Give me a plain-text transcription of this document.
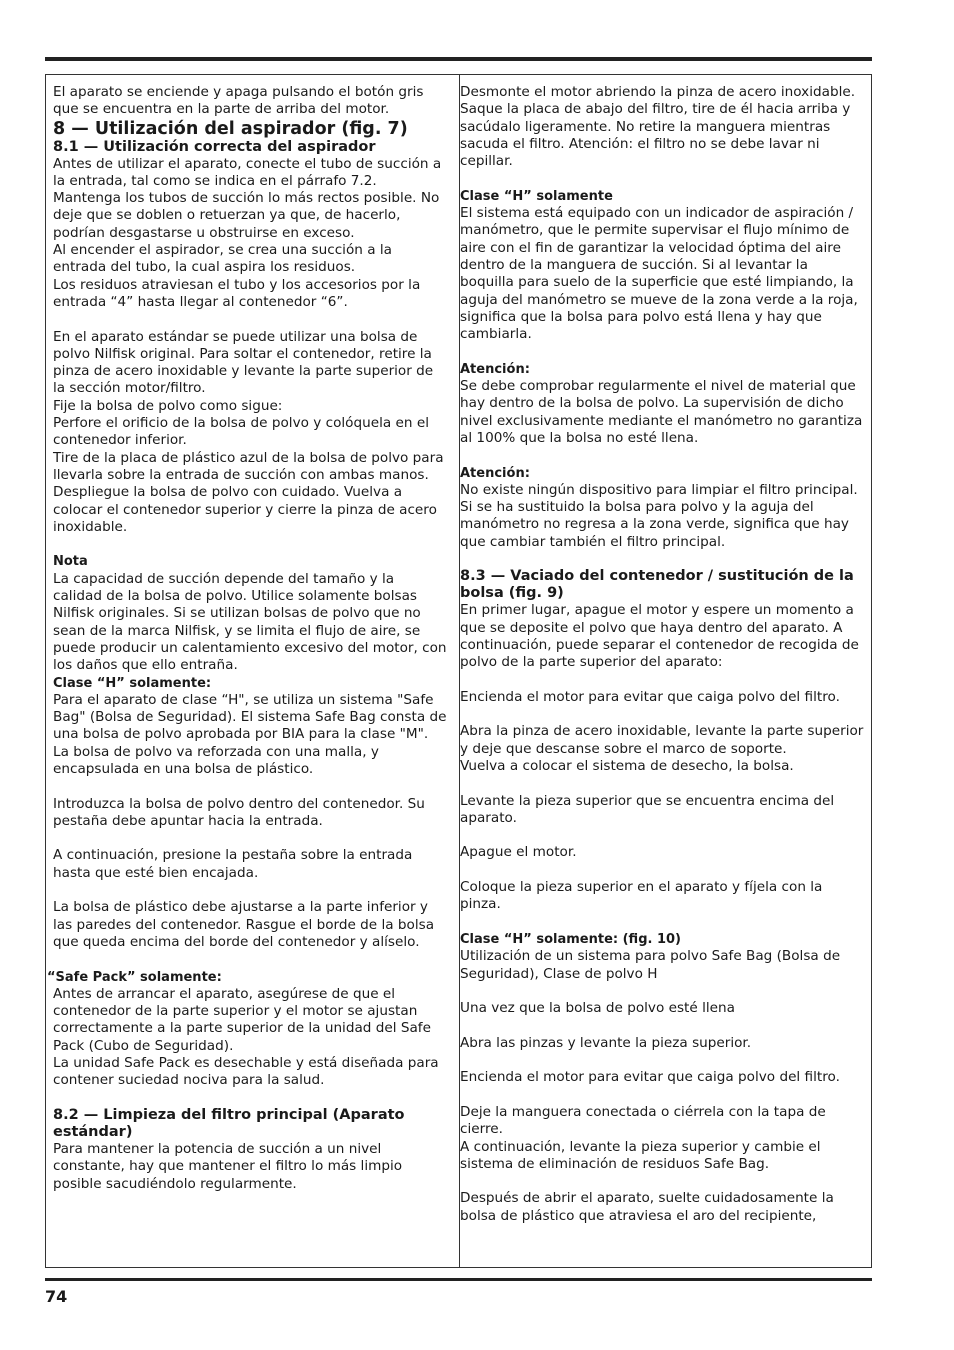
El aparato se enciende y apaga pulsando el botón gris que se encuentra en la parte de arriba del motor.

8 — Utilización del aspirador (fig. 7)

8.1 — Utilización correcta del aspirador

Antes de utilizar el aparato, conecte el tubo de succión a la entrada, tal como se indica en el párrafo 7.2.

Mantenga los tubos de succión lo más rectos posible. No deje que se doblen o retuerzan ya que, de hacerlo, podrían desgastarse u obstruirse en exceso.

Al encender el aspirador, se crea una succión a la entrada del tubo, la cual aspira los residuos.

Los residuos atraviesan el tubo y los accesorios por la entrada “4” hasta llegar al contenedor “6”.

En el aparato estándar se puede utilizar una bolsa de polvo Nilfisk original. Para soltar el contenedor, retire la pinza de acero inoxidable y levante la parte superior de la sección motor/filtro.

Fije la bolsa de polvo como sigue:

Perfore el orificio de la bolsa de polvo y colóquela en el contenedor inferior.

Tire de la placa de plástico azul de la bolsa de polvo para llevarla sobre la entrada de succión con ambas manos.

Despliegue la bolsa de polvo con cuidado. Vuelva a colocar el contenedor superior y cierre la pinza de acero inoxidable.

Nota

La capacidad de succión depende del tamaño y la calidad de la bolsa de polvo. Utilice solamente bolsas Nilfisk originales. Si se utilizan bolsas de polvo que no sean de la marca Nilfisk, y se limita el flujo de aire, se puede producir un calentamiento excesivo del motor, con los daños que ello entraña.

Clase “H” solamente:

Para el aparato de clase “H", se utiliza un sistema "Safe Bag" (Bolsa de Seguridad). El sistema Safe Bag consta de una bolsa de polvo aprobada por BIA para la clase "M". La bolsa de polvo va reforzada con una malla, y encapsulada en una bolsa de plástico.

Introduzca la bolsa de polvo dentro del contenedor. Su pestaña debe apuntar hacia la entrada.

A continuación, presione la pestaña sobre la entrada hasta que esté bien encajada.

La bolsa de plástico debe ajustarse a la parte inferior y las paredes del contenedor. Rasgue el borde de la bolsa que queda encima del borde del contenedor y alíselo.

“Safe Pack” solamente:

Antes de arrancar el aparato, asegúrese de que el contenedor de la parte superior y el motor se ajustan correctamente a la parte superior de la unidad del Safe Pack (Cubo de Seguridad).

La unidad Safe Pack es desechable y está diseñada para contener suciedad nociva para la salud.

8.2 — Limpieza del filtro principal (Aparato estándar)

Para mantener la potencia de succión a un nivel constante, hay que mantener el filtro lo más limpio posible sacudiéndolo regularmente.

Desmonte el motor abriendo la pinza de acero inoxidable.

Saque la placa de abajo del filtro, tire de él hacia arriba y sacúdalo ligeramente. No retire la manguera mientras sacuda el filtro. Atención: el filtro no se debe lavar ni cepillar.

Clase “H” solamente

El sistema está equipado con un indicador de aspiración / manómetro, que le permite supervisar el flujo mínimo de aire con el fin de garantizar la velocidad óptima del aire dentro de la manguera de succión. Si al levantar la boquilla para suelo de la superficie que esté limpiando, la aguja del manómetro se mueve de la zona verde a la roja, significa que la bolsa para polvo está llena y hay que cambiarla.

Atención:

Se debe comprobar regularmente el nivel de material que hay dentro de la bolsa de polvo. La supervisión de dicho nivel exclusivamente mediante el manómetro no garantiza al 100% que la bolsa no esté llena.

Atención:

No existe ningún dispositivo para limpiar el filtro principal. Si se ha sustituido la bolsa para polvo y la aguja del manómetro no regresa a la zona verde, significa que hay que cambiar también el filtro principal.

8.3 — Vaciado del contenedor / sustitución de la bolsa (fig. 9)

En primer lugar, apague el motor y espere un momento a que se deposite el polvo que haya dentro del aparato. A continuación, puede separar el contenedor de recogida de polvo de la parte superior del aparato:

Encienda el motor para evitar que caiga polvo del filtro.

Abra la pinza de acero inoxidable, levante la parte superior y deje que descanse sobre el marco de soporte.

Vuelva a colocar el sistema de desecho, la bolsa.

Levante la pieza superior que se encuentra encima del aparato.

Apague el motor.

Coloque la pieza superior en el aparato y fíjela con la pinza.

Clase “H” solamente: (fig. 10)

Utilización de un sistema para polvo Safe Bag (Bolsa de Seguridad), Clase de polvo H

Una vez que la bolsa de polvo esté llena

Abra las pinzas y levante la pieza superior.

Encienda el motor para evitar que caiga polvo del filtro.

Deje la manguera conectada o ciérrela con la tapa de cierre.

A continuación, levante la pieza superior y cambie el sistema de eliminación de residuos Safe Bag.

Después de abrir el aparato, suelte cuidadosamente la bolsa de plástico que atraviesa el aro del recipiente,

74
